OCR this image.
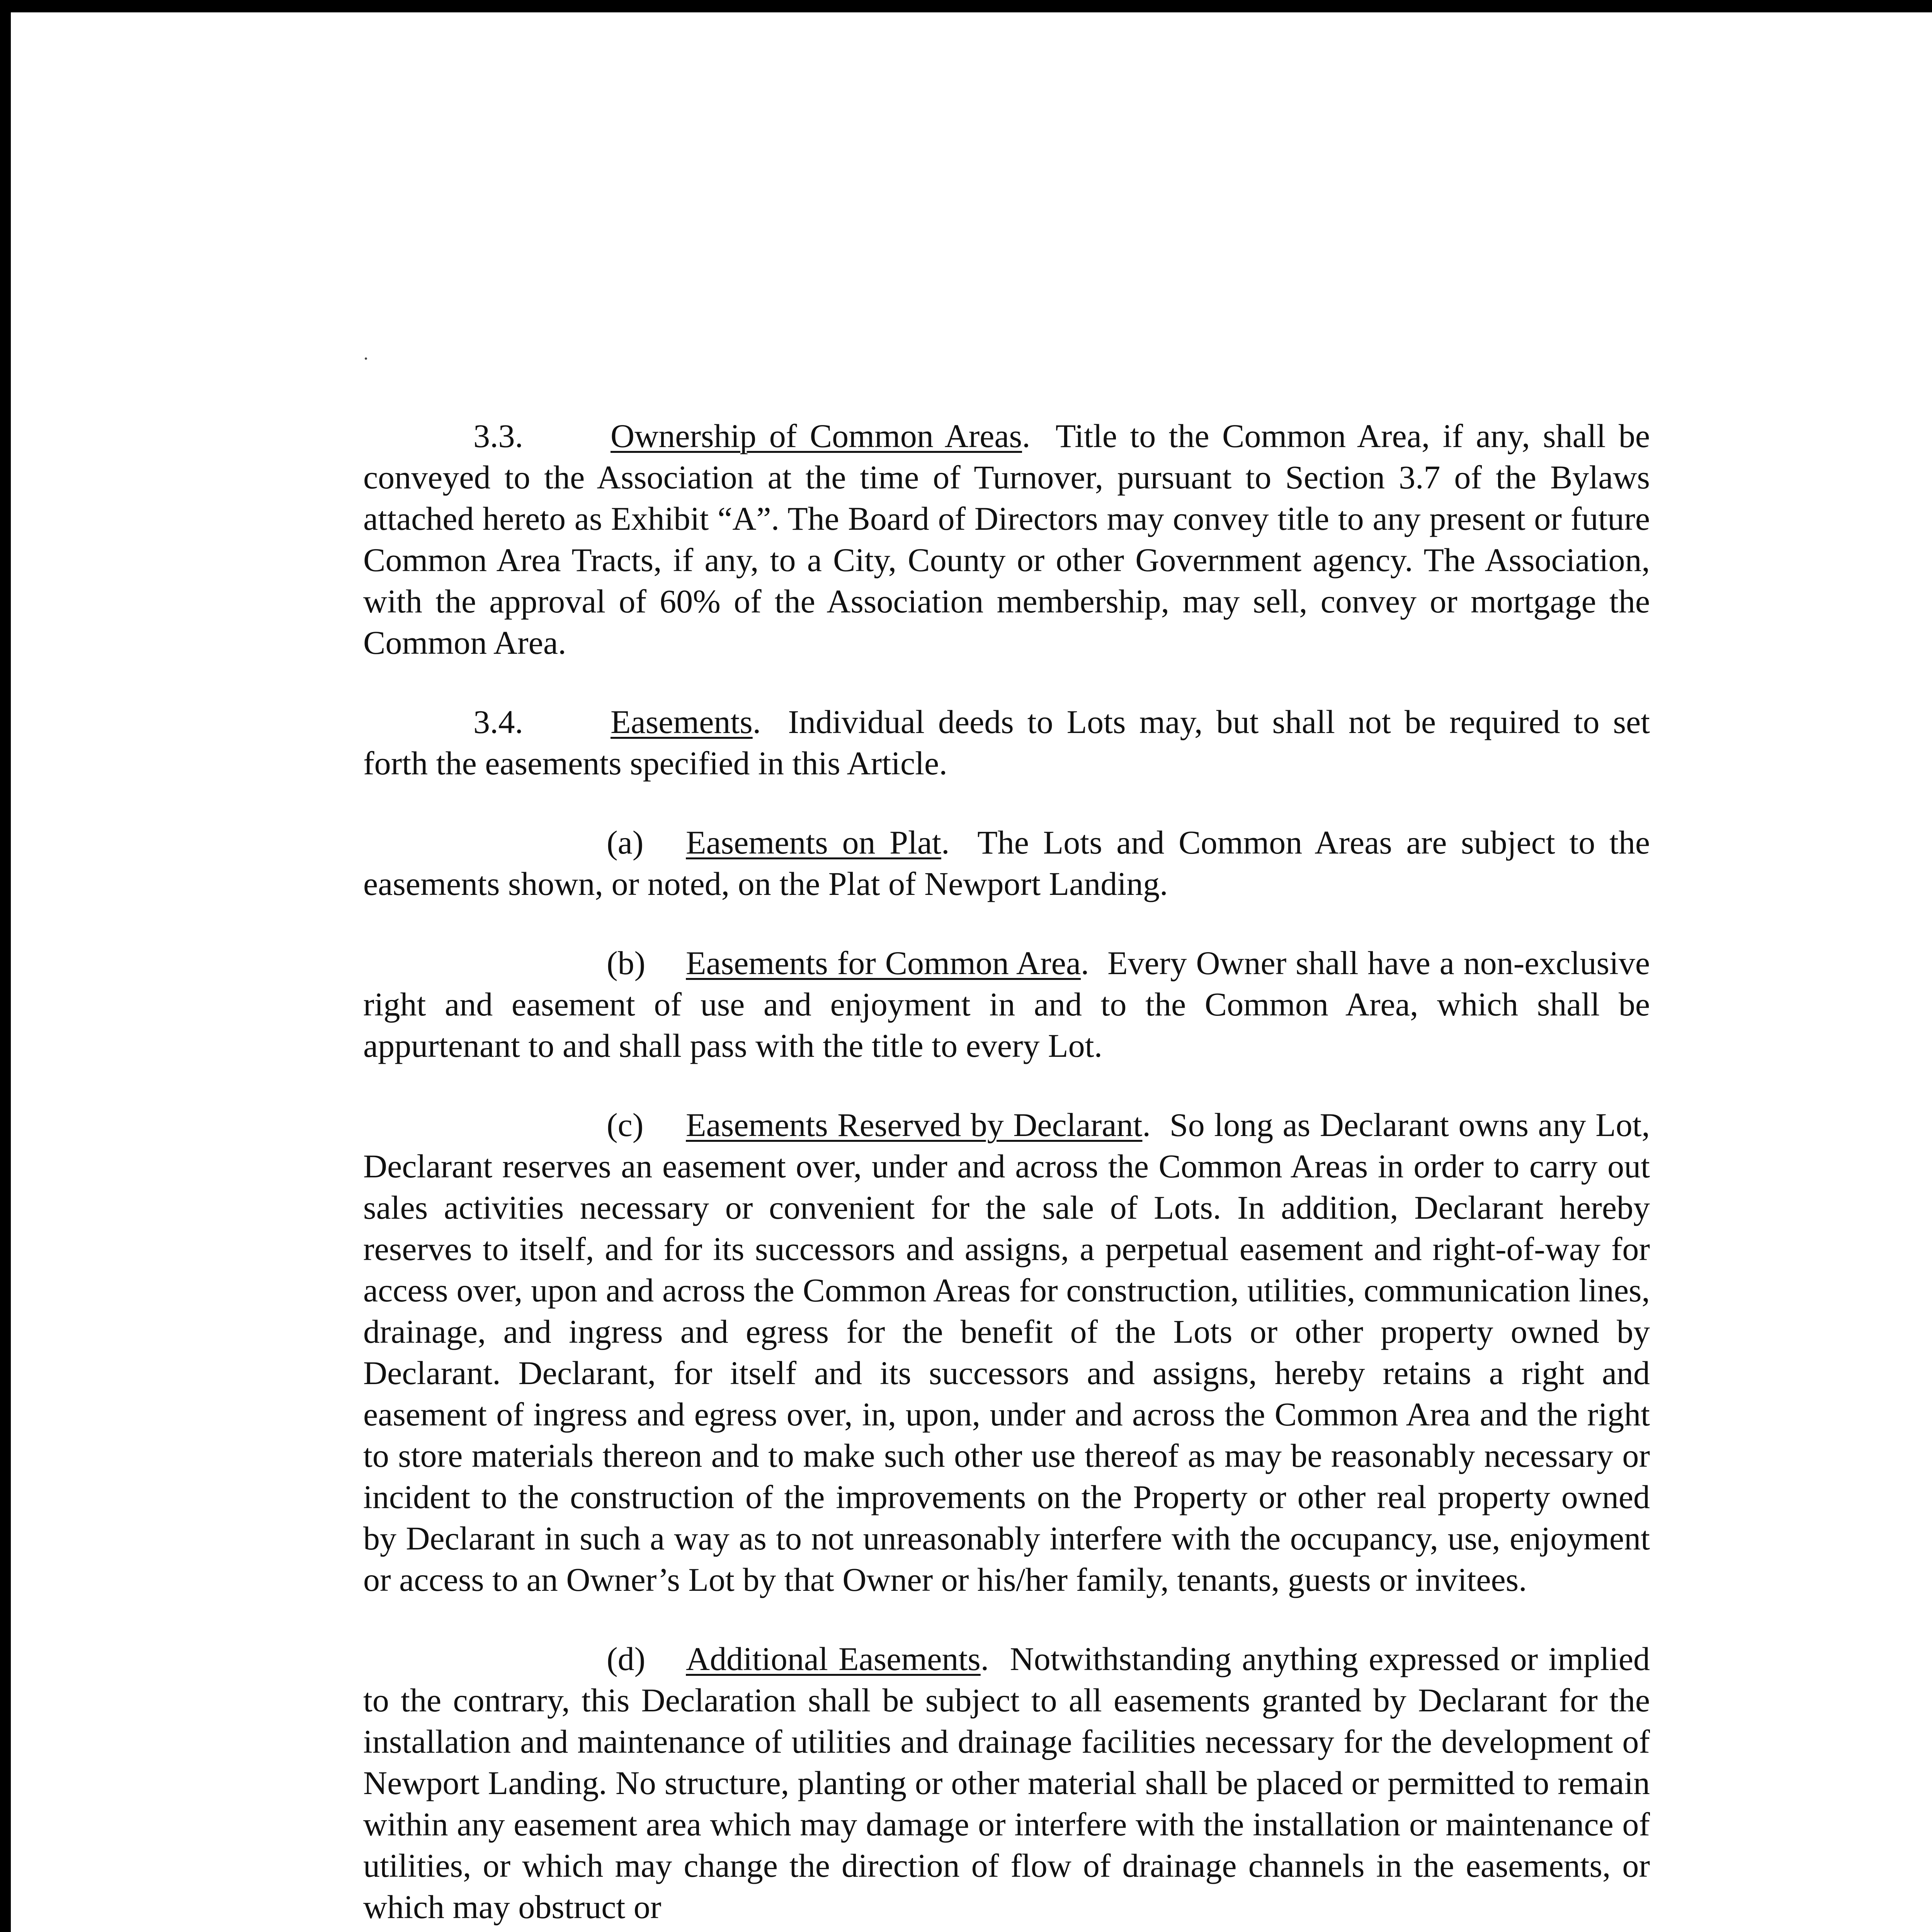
3.3.	Ownership of Common Areas.  Title to the Common Area, if any, shall be conveyed to the Association at the time of Turnover, pursuant to Section 3.7 of the Bylaws attached hereto as Exhibit “A”. The Board of Directors may convey title to any present or future Common Area Tracts, if any, to a City, County or other Government agency. The Association, with the approval of 60% of the Association membership, may sell, convey or mortgage the Common Area.

3.4.	Easements.  Individual deeds to Lots may, but shall not be required to set forth the easements specified in this Article.

(a) Easements on Plat.  The Lots and Common Areas are subject to the easements shown, or noted, on the Plat of Newport Landing.

(b) Easements for Common Area.  Every Owner shall have a non-exclusive right and easement of use and enjoyment in and to the Common Area, which shall be appurtenant to and shall pass with the title to every Lot.

(c) Easements Reserved by Declarant.  So long as Declarant owns any Lot, Declarant reserves an easement over, under and across the Common Areas in order to carry out sales activities necessary or convenient for the sale of Lots. In addition, Declarant hereby reserves to itself, and for its successors and assigns, a perpetual easement and right-of-way for access over, upon and across the Common Areas for construction, utilities, communication lines, drainage, and ingress and egress for the benefit of the Lots or other property owned by Declarant. Declarant, for itself and its successors and assigns, hereby retains a right and easement of ingress and egress over, in, upon, under and across the Common Area and the right to store materials thereon and to make such other use thereof as may be reasonably necessary or incident to the construction of the improvements on the Property or other real property owned by Declarant in such a way as to not unreasonably interfere with the occupancy, use, enjoyment or access to an Owner’s Lot by that Owner or his/her family, tenants, guests or invitees.

(d) Additional Easements.  Notwithstanding anything expressed or implied to the contrary, this Declaration shall be subject to all easements granted by Declarant for the installation and maintenance of utilities and drainage facilities necessary for the development of Newport Landing. No structure, planting or other material shall be placed or permitted to remain within any easement area which may damage or interfere with the installation or maintenance of utilities, or which may change the direction of flow of drainage channels in the easements, or which may obstruct or
